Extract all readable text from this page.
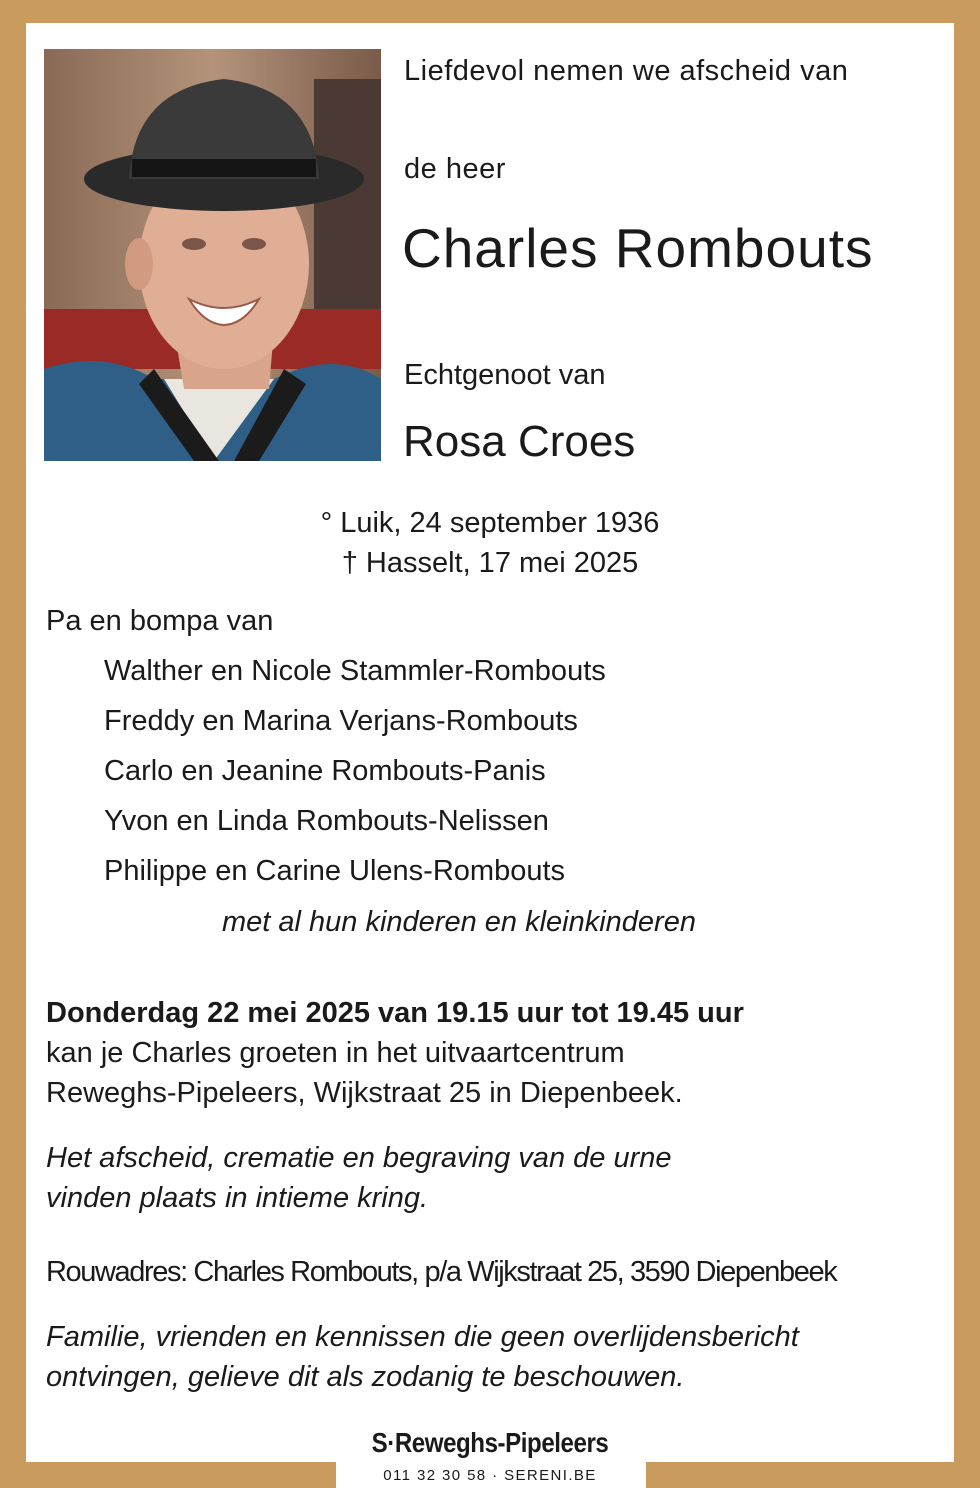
Liefdevol nemen we afscheid van
de heer
Charles Rombouts
Echtgenoot van
Rosa Croes
° Luik, 24 september 1936
† Hasselt, 17 mei 2025
Pa en bompa van
Walther en Nicole Stammler-Rombouts
Freddy en Marina Verjans-Rombouts
Carlo en Jeanine Rombouts-Panis
Yvon en Linda Rombouts-Nelissen
Philippe en Carine Ulens-Rombouts
met al hun kinderen en kleinkinderen
Donderdag 22 mei 2025 van 19.15 uur tot 19.45 uur
kan je Charles groeten in het uitvaartcentrum
Reweghs-Pipeleers, Wijkstraat 25 in Diepenbeek.
Het afscheid, crematie en begraving van de urne
vinden plaats in intieme kring.
Rouwadres: Charles Rombouts, p/a Wijkstraat 25, 3590 Diepenbeek
Familie, vrienden en kennissen die geen overlijdensbericht
ontvingen, gelieve dit als zodanig te beschouwen.
S·Reweghs-Pipeleers
011 32 30 58 · SERENI.BE
